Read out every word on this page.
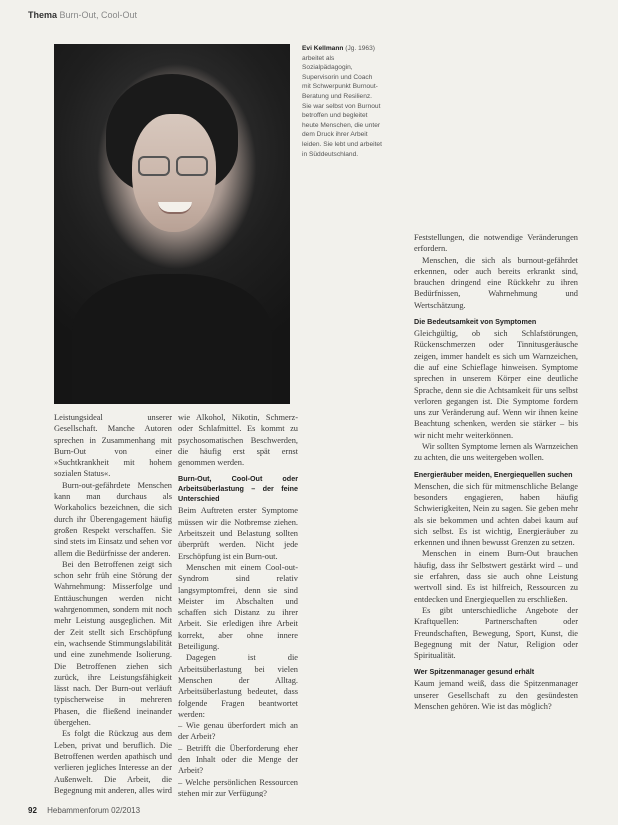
Thema Burn-Out, Cool-Out
Evi Kellmann (Jg. 1963) arbeitet als Sozialpädagogin, Supervisorin und Coach mit Schwerpunkt Burnout-Beratung und Resilienz. Sie war selbst von Burnout betroffen und begleitet heute Menschen, die unter dem Druck ihrer Arbeit leiden. Sie lebt und arbeitet in Süddeutschland.

Leistungsideal unserer Gesellschaft. Manche Autoren sprechen in Zusammenhang mit Burn-Out von einer »Suchtkrankheit mit hohem sozialen Status«.

Burn-out-gefährdete Menschen kann man durchaus als Workaholics bezeichnen, die sich durch ihr Überengagement häufig großen Respekt verschaffen. Sie sind stets im Einsatz und sehen vor allem die Bedürfnisse der anderen.

Bei den Betroffenen zeigt sich schon sehr früh eine Störung der Wahrnehmung: Misserfolge und Enttäuschungen werden nicht wahrgenommen, sondern mit noch mehr Leistung ausgeglichen. Mit der Zeit stellt sich Erschöpfung ein, wachsende Stimmungslabilität und eine zunehmende Isolierung. Die Betroffenen ziehen sich zurück, ihre Leistungsfähigkeit lässt nach. Der Burn-out verläuft typischerweise in mehreren Phasen, die fließend ineinander übergehen.

Es folgt die Rückzug aus dem Leben, privat und beruflich. Die Betroffenen werden apathisch und verlieren jegliches Interesse an der Außenwelt. Die Arbeit, die Begegnung mit anderen, alles wird

wie Alkohol, Nikotin, Schmerz- oder Schlafmittel. Es kommt zu psychosomatischen Beschwerden, die häufig erst spät ernst genommen werden.

Burn-Out, Cool-Out oder Arbeitsüberlastung – der feine Unterschied

Beim Auftreten erster Symptome müssen wir die Notbremse ziehen. Arbeitszeit und Belastung sollten überprüft werden. Nicht jede Erschöpfung ist ein Burn-out.

Menschen mit einem Cool-out-Syndrom sind relativ langsymptomfrei, denn sie sind Meister im Abschalten und schaffen sich Distanz zu ihrer Arbeit. Sie erledigen ihre Arbeit korrekt, aber ohne innere Beteiligung.

Dagegen ist die Arbeitsüberlastung bei vielen Menschen der Alltag. Arbeitsüberlastung bedeutet, dass folgende Fragen beantwortet werden:

– Wie genau überfordert mich an der Arbeit?

– Betrifft die Überforderung eher den Inhalt oder die Menge der Arbeit?

– Welche persönlichen Ressourcen stehen mir zur Verfügung?

Feststellungen, die notwendige Veränderungen erfordern.

Menschen, die sich als burnout-gefährdet erkennen, oder auch bereits erkrankt sind, brauchen dringend eine Rückkehr zu ihren Bedürfnissen, Wahrnehmung und Wertschätzung.

Die Bedeutsamkeit von Symptomen

Gleichgültig, ob sich Schlafstörungen, Rückenschmerzen oder Tinnitusgeräusche zeigen, immer handelt es sich um Warnzeichen, die auf eine Schieflage hinweisen. Symptome sprechen in unserem Körper eine deutliche Sprache, denn sie die Achtsamkeit für uns selbst verloren gegangen ist. Die Symptome fordern uns zur Veränderung auf. Wenn wir ihnen keine Beachtung schenken, werden sie stärker – bis wir nicht mehr weiterkönnen.

Wir sollten Symptome lernen als Warnzeichen zu achten, die uns weitergeben wollen.

Energieräuber meiden, Energiequellen suchen

Menschen, die sich für mitmenschliche Belange besonders engagieren, haben häufig Schwierigkeiten, Nein zu sagen. Sie geben mehr als sie bekommen und achten dabei kaum auf sich selbst. Es ist wichtig, Energieräuber zu erkennen und ihnen bewusst Grenzen zu setzen.

Menschen in einem Burn-Out brauchen häufig, dass ihr Selbstwert gestärkt wird – und sie erfahren, dass sie auch ohne Leistung wertvoll sind. Es ist hilfreich, Ressourcen zu entdecken und Energiequellen zu erschließen.

Es gibt unterschiedliche Angebote der Kraftquellen: Partnerschaften oder Freundschaften, Bewegung, Sport, Kunst, die Begegnung mit der Natur, Religion oder Spiritualität.

Wer Spitzenmanager gesund erhält

Kaum jemand weiß, dass die Spitzenmanager unserer Gesellschaft zu den gesündesten Menschen gehören. Wie ist das möglich?

92 Hebammenforum 02/2013
